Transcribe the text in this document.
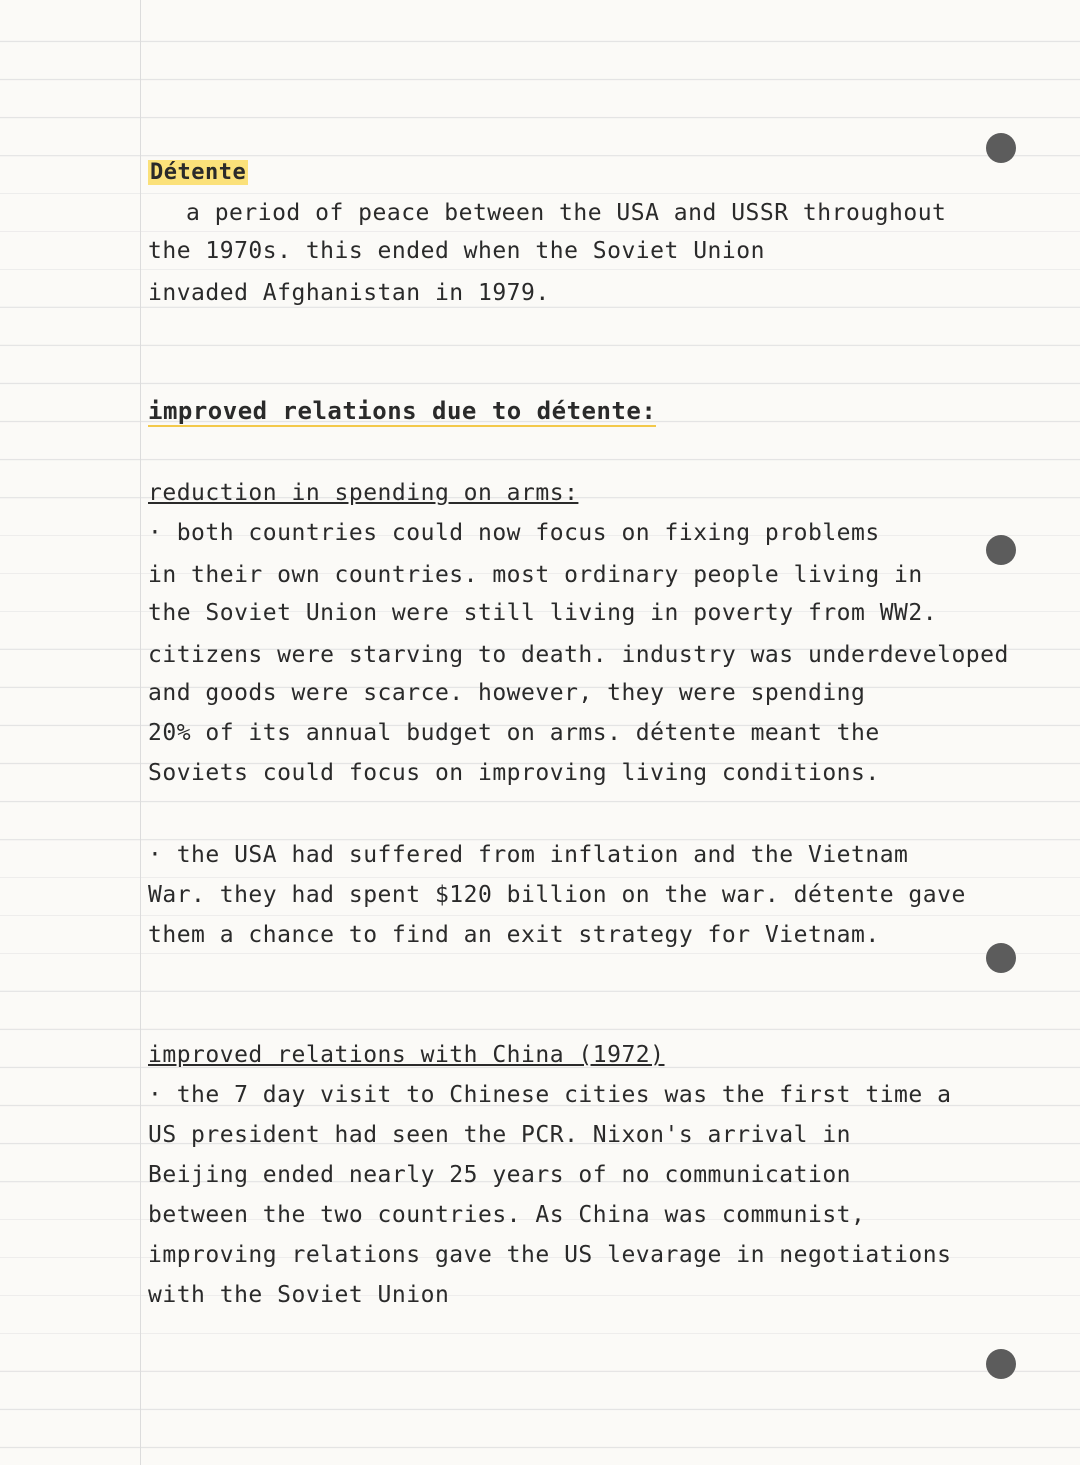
Détente
a period of peace between the USA and USSR throughout
the 1970s. this ended when the Soviet Union
invaded Afghanistan in 1979.
improved relations due to détente:
reduction in spending on arms:
· both countries could now focus on fixing problems
in their own countries. most ordinary people living in
the Soviet Union were still living in poverty from WW2.
citizens were starving to death. industry was underdeveloped
and goods were scarce. however, they were spending
20% of its annual budget on arms. détente meant the
Soviets could focus on improving living conditions.
· the USA had suffered from inflation and the Vietnam
War. they had spent $120 billion on the war. détente gave
them a chance to find an exit strategy for Vietnam.
improved relations with China (1972)
· the 7 day visit to Chinese cities was the first time a
US president had seen the PCR. Nixon's arrival in
Beijing ended nearly 25 years of no communication
between the two countries. As China was communist,
improving relations gave the US levarage in negotiations
with the Soviet Union
